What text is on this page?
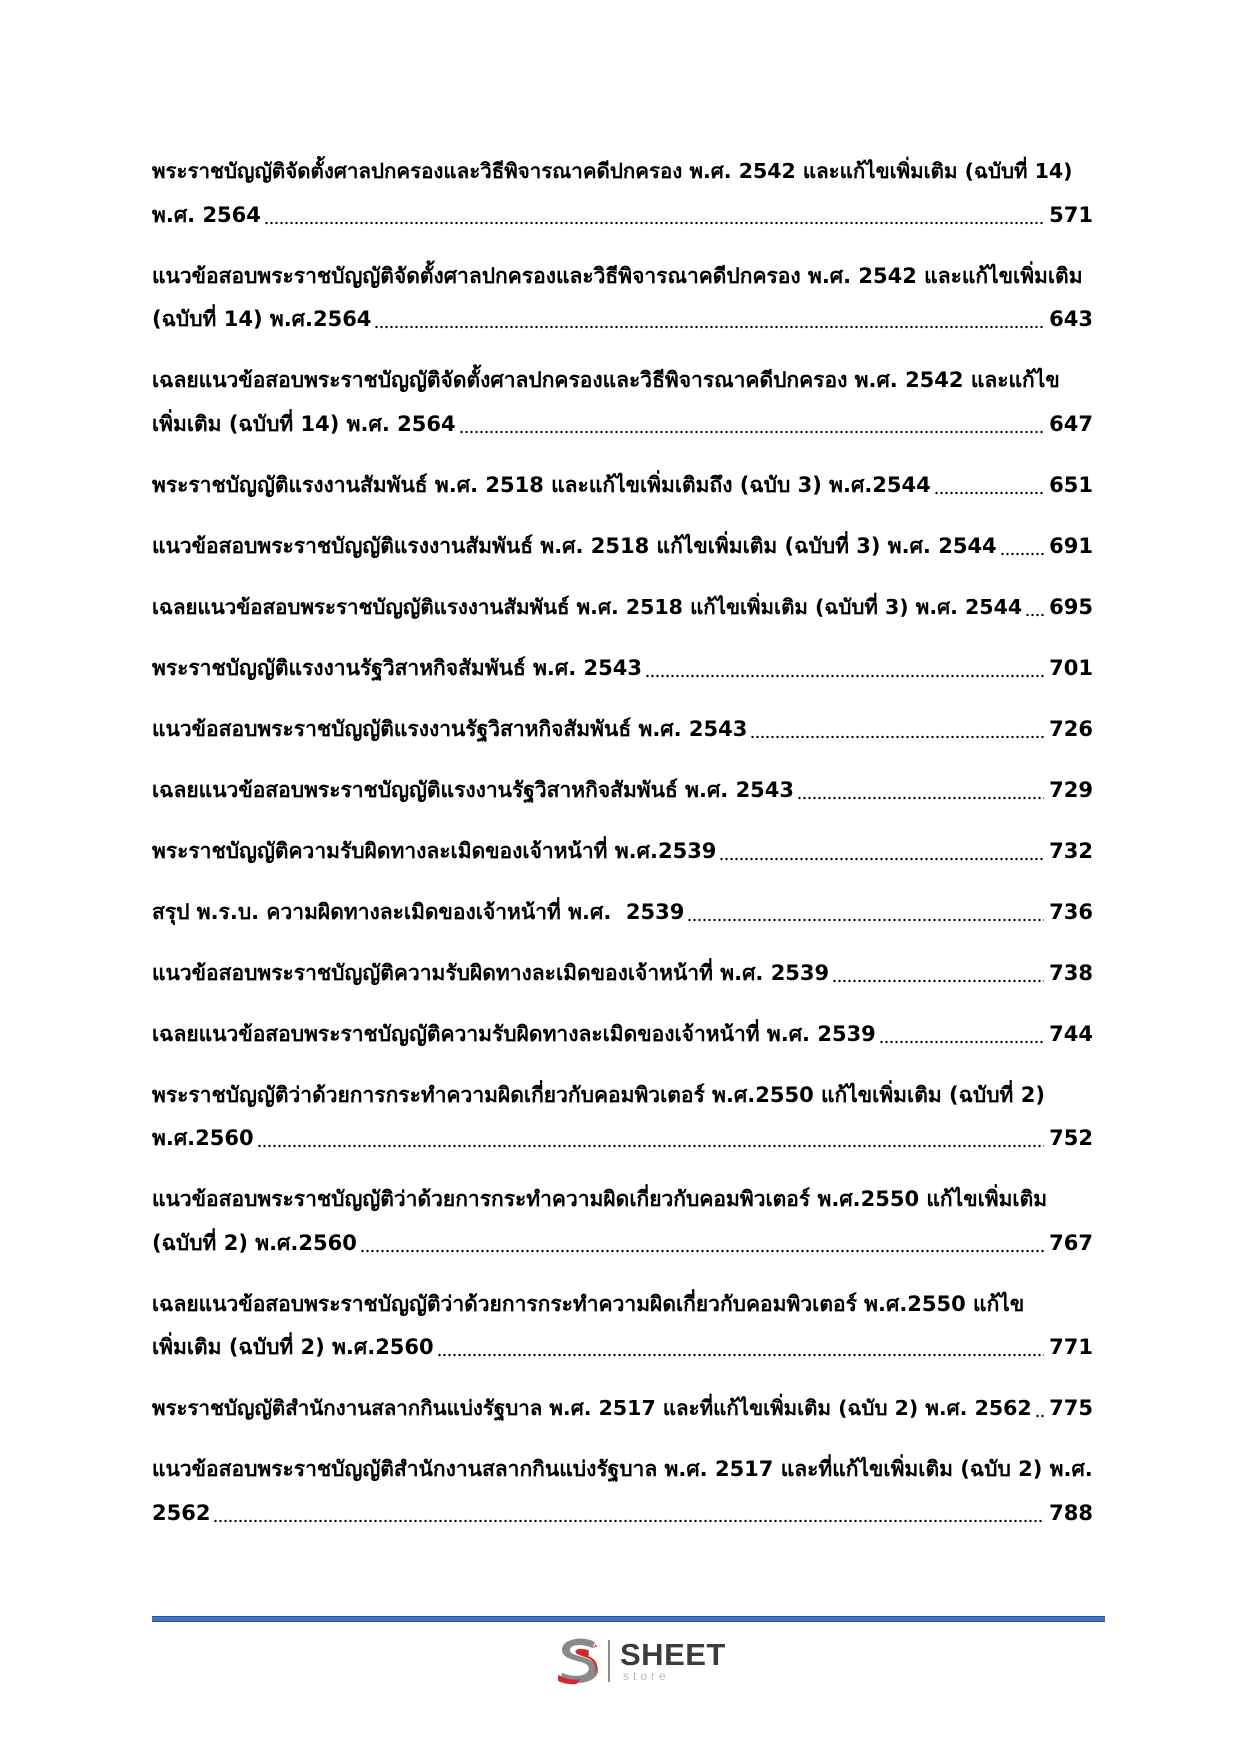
พระราชบัญญัติจัดตั้งศาลปกครองและวิธีพิจารณาคดีปกครอง พ.ศ. 2542 และแก้ไขเพิ่มเติม (ฉบับที่ 14)
พ.ศ. 2564	571
แนวข้อสอบพระราชบัญญัติจัดตั้งศาลปกครองและวิธีพิจารณาคดีปกครอง พ.ศ. 2542 และแก้ไขเพิ่มเติม
(ฉบับที่ 14) พ.ศ.2564	643
เฉลยแนวข้อสอบพระราชบัญญัติจัดตั้งศาลปกครองและวิธีพิจารณาคดีปกครอง พ.ศ. 2542 และแก้ไข
เพิ่มเติม (ฉบับที่ 14) พ.ศ. 2564	647
พระราชบัญญัติแรงงานสัมพันธ์ พ.ศ. 2518 และแก้ไขเพิ่มเติมถึง (ฉบับ 3) พ.ศ.2544	651
แนวข้อสอบพระราชบัญญัติแรงงานสัมพันธ์ พ.ศ. 2518 แก้ไขเพิ่มเติม (ฉบับที่ 3) พ.ศ. 2544 691
เฉลยแนวข้อสอบพระราชบัญญัติแรงงานสัมพันธ์ พ.ศ. 2518 แก้ไขเพิ่มเติม (ฉบับที่ 3) พ.ศ. 2544 695
พระราชบัญญัติแรงงานรัฐวิสาหกิจสัมพันธ์ พ.ศ. 2543	701
แนวข้อสอบพระราชบัญญัติแรงงานรัฐวิสาหกิจสัมพันธ์ พ.ศ. 2543	726
เฉลยแนวข้อสอบพระราชบัญญัติแรงงานรัฐวิสาหกิจสัมพันธ์ พ.ศ. 2543	729
พระราชบัญญัติความรับผิดทางละเมิดของเจ้าหน้าที่ พ.ศ.2539	732
สรุป พ.ร.บ. ความผิดทางละเมิดของเจ้าหน้าที่ พ.ศ.  2539	736
แนวข้อสอบพระราชบัญญัติความรับผิดทางละเมิดของเจ้าหน้าที่ พ.ศ. 2539	738
เฉลยแนวข้อสอบพระราชบัญญัติความรับผิดทางละเมิดของเจ้าหน้าที่ พ.ศ. 2539	744
พระราชบัญญัติว่าด้วยการกระทำความผิดเกี่ยวกับคอมพิวเตอร์ พ.ศ.2550 แก้ไขเพิ่มเติม (ฉบับที่ 2)
พ.ศ.2560	752
แนวข้อสอบพระราชบัญญัติว่าด้วยการกระทำความผิดเกี่ยวกับคอมพิวเตอร์ พ.ศ.2550 แก้ไขเพิ่มเติม
(ฉบับที่ 2) พ.ศ.2560	767
เฉลยแนวข้อสอบพระราชบัญญัติว่าด้วยการกระทำความผิดเกี่ยวกับคอมพิวเตอร์ พ.ศ.2550 แก้ไข
เพิ่มเติม (ฉบับที่ 2) พ.ศ.2560	771
พระราชบัญญัติสำนักงานสลากกินแบ่งรัฐบาล พ.ศ. 2517 และที่แก้ไขเพิ่มเติม (ฉบับ 2) พ.ศ. 2562 775
แนวข้อสอบพระราชบัญญัติสำนักงานสลากกินแบ่งรัฐบาล พ.ศ. 2517 และที่แก้ไขเพิ่มเติม (ฉบับ 2) พ.ศ.
2562	788
SHEET
store
